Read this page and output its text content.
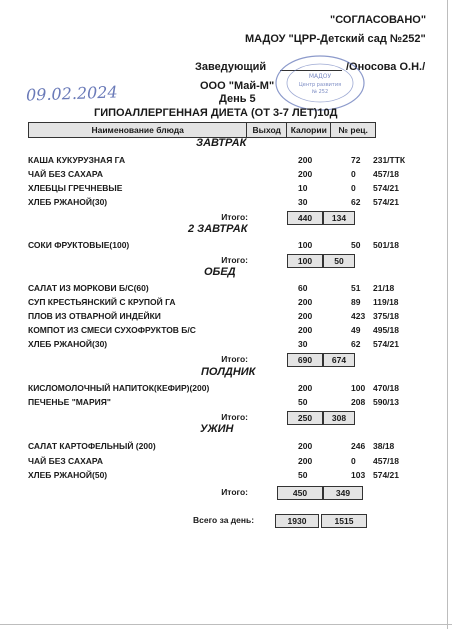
"СОГЛАСОВАНО"
МАДОУ "ЦРР-Детский сад №252"
Заведующий	/Оносова О.Н./
ООО "Май-М"
День 5
09.02.2024
МАДОУ
Центр развития
№ 252
ГИПОАЛЛЕРГЕННАЯ ДИЕТА (ОТ 3-7 ЛЕТ)10Д
Наименование блюда	Выход	Калории	№ рец.
ЗАВТРАК
КАША КУКУРУЗНАЯ ГА	200	72 231/ТТК
ЧАЙ БЕЗ САХАРА	200	0 457/18
ХЛЕБЦЫ ГРЕЧНЕВЫЕ	10	0 574/21
ХЛЕБ РЖАНОЙ(30)	30	62 574/21
Итого:	440	134
2 ЗАВТРАК
СОКИ ФРУКТОВЫЕ(100)	100	50 501/18
Итого:	100	50
ОБЕД
САЛАТ ИЗ МОРКОВИ Б/С(60)	60	51 21/18
СУП КРЕСТЬЯНСКИЙ С КРУПОЙ ГА	200	89 119/18
ПЛОВ ИЗ ОТВАРНОЙ ИНДЕЙКИ	200	423 375/18
КОМПОТ ИЗ СМЕСИ СУХОФРУКТОВ Б/С	200	49 495/18
ХЛЕБ РЖАНОЙ(30)	30	62 574/21
Итого:	690	674
ПОЛДНИК
КИСЛОМОЛОЧНЫЙ НАПИТОК(КЕФИР)(200)	200	100 470/18
ПЕЧЕНЬЕ "МАРИЯ"	50	208 590/13
Итого:	250	308
УЖИН
САЛАТ КАРТОФЕЛЬНЫЙ (200)	200	246 38/18
ЧАЙ БЕЗ САХАРА	200	0 457/18
ХЛЕБ РЖАНОЙ(50)	50	103 574/21
Итого:	450	349
Всего за день:	1930	1515
